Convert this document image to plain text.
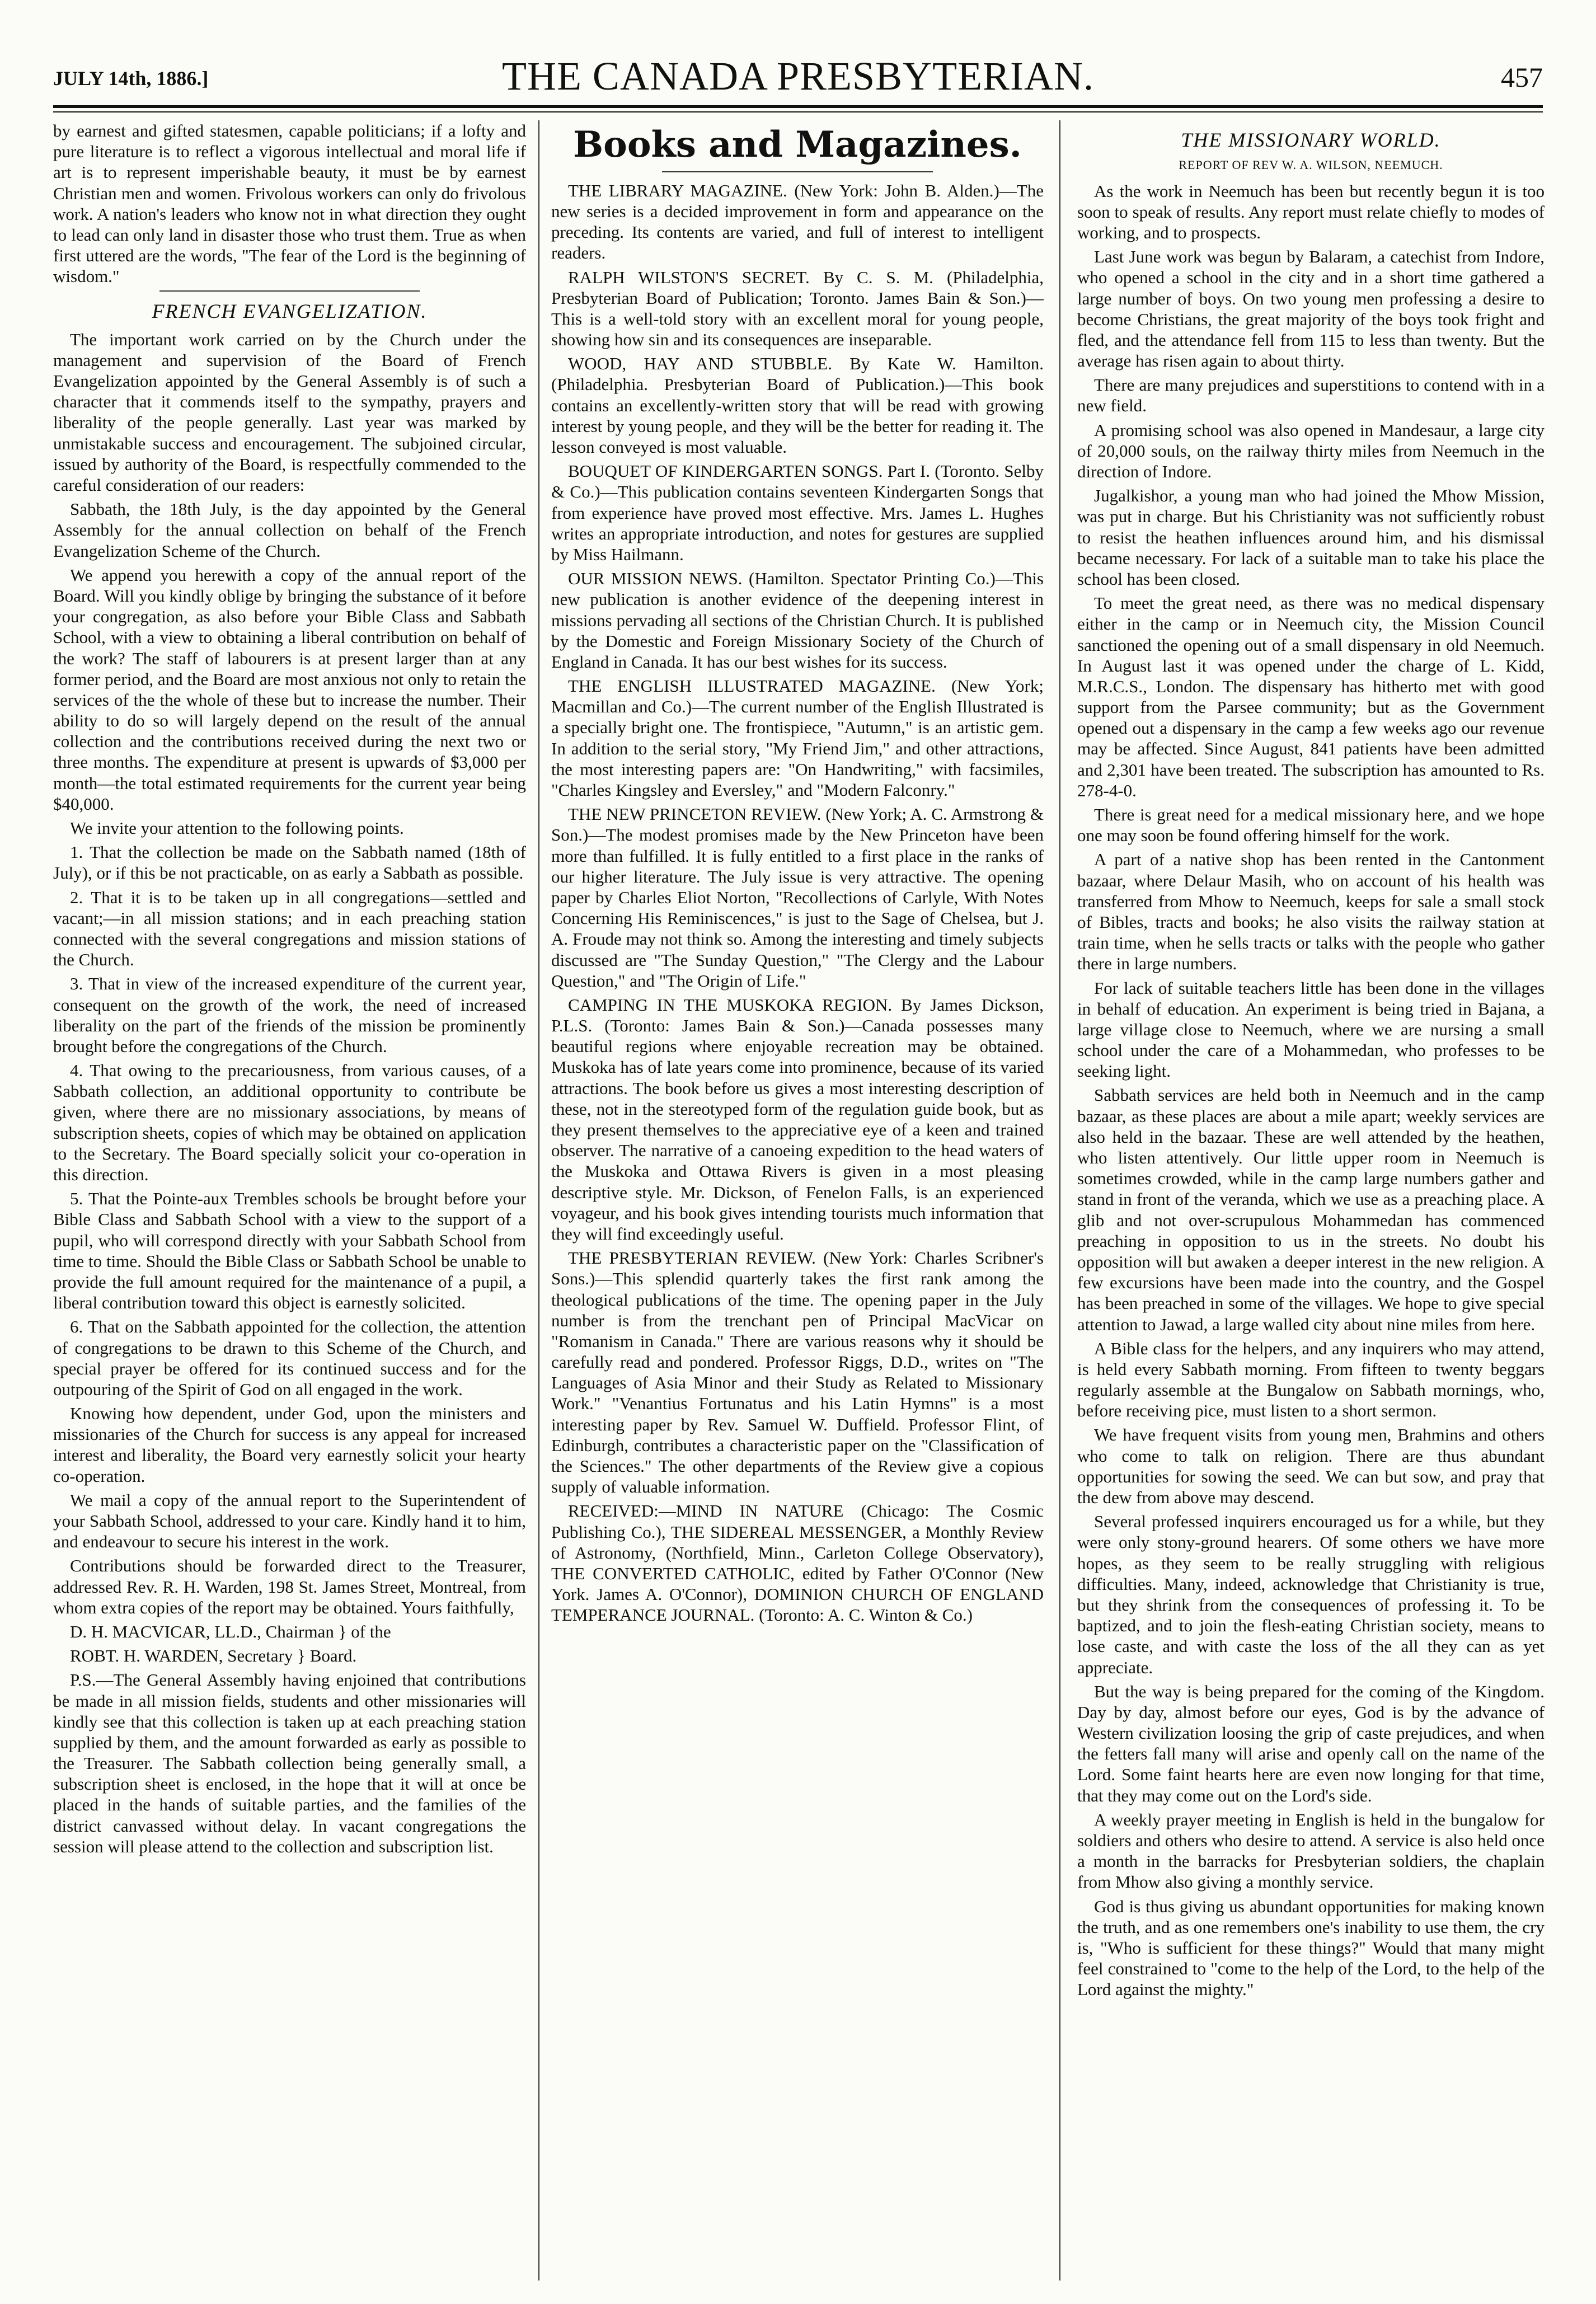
JULY 14th, 1886.]	THE CANADA PRESBYTERIAN.	457

by earnest and gifted statesmen, capable politicians; if a lofty and pure literature is to reflect a vigorous intellectual and moral life if art is to represent imperishable beauty, it must be by earnest Christian men and women. Frivolous workers can only do frivolous work. A nation's leaders who know not in what direction they ought to lead can only land in disaster those who trust them. True as when first uttered are the words, "The fear of the Lord is the beginning of wisdom."

FRENCH EVANGELIZATION.

The important work carried on by the Church under the management and supervision of the Board of French Evangelization appointed by the General Assembly is of such a character that it commends itself to the sympathy, prayers and liberality of the people generally. Last year was marked by unmistakable success and encouragement. The subjoined circular, issued by authority of the Board, is respectfully commended to the careful consideration of our readers:

Sabbath, the 18th July, is the day appointed by the General Assembly for the annual collection on behalf of the French Evangelization Scheme of the Church.

We append you herewith a copy of the annual report of the Board. Will you kindly oblige by bringing the substance of it before your congregation, as also before your Bible Class and Sabbath School, with a view to obtaining a liberal contribution on behalf of the work? The staff of labourers is at present larger than at any former period, and the Board are most anxious not only to retain the services of the the whole of these but to increase the number. Their ability to do so will largely depend on the result of the annual collection and the contributions received during the next two or three months. The expenditure at present is upwards of $3,000 per month—the total estimated requirements for the current year being $40,000.

We invite your attention to the following points.

1. That the collection be made on the Sabbath named (18th of July), or if this be not practicable, on as early a Sabbath as possible.

2. That it is to be taken up in all congregations—settled and vacant;—in all mission stations; and in each preaching station connected with the several congregations and mission stations of the Church.

3. That in view of the increased expenditure of the current year, consequent on the growth of the work, the need of increased liberality on the part of the friends of the mission be prominently brought before the congregations of the Church.

4. That owing to the precariousness, from various causes, of a Sabbath collection, an additional opportunity to contribute be given, where there are no missionary associations, by means of subscription sheets, copies of which may be obtained on application to the Secretary. The Board specially solicit your co-operation in this direction.

5. That the Pointe-aux Trembles schools be brought before your Bible Class and Sabbath School with a view to the support of a pupil, who will correspond directly with your Sabbath School from time to time. Should the Bible Class or Sabbath School be unable to provide the full amount required for the maintenance of a pupil, a liberal contribution toward this object is earnestly solicited.

6. That on the Sabbath appointed for the collection, the attention of congregations to be drawn to this Scheme of the Church, and special prayer be offered for its continued success and for the outpouring of the Spirit of God on all engaged in the work.

Knowing how dependent, under God, upon the ministers and missionaries of the Church for success is any appeal for increased interest and liberality, the Board very earnestly solicit your hearty co-operation.

We mail a copy of the annual report to the Superintendent of your Sabbath School, addressed to your care. Kindly hand it to him, and endeavour to secure his interest in the work.

Contributions should be forwarded direct to the Treasurer, addressed Rev. R. H. Warden, 198 St. James Street, Montreal, from whom extra copies of the report may be obtained. Yours faithfully,

D. H. MACVICAR, LL.D., Chairman } of the

ROBT. H. WARDEN, Secretary } Board.

P.S.—The General Assembly having enjoined that contributions be made in all mission fields, students and other missionaries will kindly see that this collection is taken up at each preaching station supplied by them, and the amount forwarded as early as possible to the Treasurer. The Sabbath collection being generally small, a subscription sheet is enclosed, in the hope that it will at once be placed in the hands of suitable parties, and the families of the district canvassed without delay. In vacant congregations the session will please attend to the collection and subscription list.

Books and Magazines.

THE LIBRARY MAGAZINE. (New York: John B. Alden.)—The new series is a decided improvement in form and appearance on the preceding. Its contents are varied, and full of interest to intelligent readers.

RALPH WILSTON'S SECRET. By C. S. M. (Philadelphia, Presbyterian Board of Publication; Toronto. James Bain & Son.)—This is a well-told story with an excellent moral for young people, showing how sin and its consequences are inseparable.

WOOD, HAY AND STUBBLE. By Kate W. Hamilton. (Philadelphia. Presbyterian Board of Publication.)—This book contains an excellently-written story that will be read with growing interest by young people, and they will be the better for reading it. The lesson conveyed is most valuable.

BOUQUET OF KINDERGARTEN SONGS. Part I. (Toronto. Selby & Co.)—This publication contains seventeen Kindergarten Songs that from experience have proved most effective. Mrs. James L. Hughes writes an appropriate introduction, and notes for gestures are supplied by Miss Hailmann.

OUR MISSION NEWS. (Hamilton. Spectator Printing Co.)—This new publication is another evidence of the deepening interest in missions pervading all sections of the Christian Church. It is published by the Domestic and Foreign Missionary Society of the Church of England in Canada. It has our best wishes for its success.

THE ENGLISH ILLUSTRATED MAGAZINE. (New York; Macmillan and Co.)—The current number of the English Illustrated is a specially bright one. The frontispiece, "Autumn," is an artistic gem. In addition to the serial story, "My Friend Jim," and other attractions, the most interesting papers are: "On Handwriting," with facsimiles, "Charles Kingsley and Eversley," and "Modern Falconry."

THE NEW PRINCETON REVIEW. (New York; A. C. Armstrong & Son.)—The modest promises made by the New Princeton have been more than fulfilled. It is fully entitled to a first place in the ranks of our higher literature. The July issue is very attractive. The opening paper by Charles Eliot Norton, "Recollections of Carlyle, With Notes Concerning His Reminiscences," is just to the Sage of Chelsea, but J. A. Froude may not think so. Among the interesting and timely subjects discussed are "The Sunday Question," "The Clergy and the Labour Question," and "The Origin of Life."

CAMPING IN THE MUSKOKA REGION. By James Dickson, P.L.S. (Toronto: James Bain & Son.)—Canada possesses many beautiful regions where enjoyable recreation may be obtained. Muskoka has of late years come into prominence, because of its varied attractions. The book before us gives a most interesting description of these, not in the stereotyped form of the regulation guide book, but as they present themselves to the appreciative eye of a keen and trained observer. The narrative of a canoeing expedition to the head waters of the Muskoka and Ottawa Rivers is given in a most pleasing descriptive style. Mr. Dickson, of Fenelon Falls, is an experienced voyageur, and his book gives intending tourists much information that they will find exceedingly useful.

THE PRESBYTERIAN REVIEW. (New York: Charles Scribner's Sons.)—This splendid quarterly takes the first rank among the theological publications of the time. The opening paper in the July number is from the trenchant pen of Principal MacVicar on "Romanism in Canada." There are various reasons why it should be carefully read and pondered. Professor Riggs, D.D., writes on "The Languages of Asia Minor and their Study as Related to Missionary Work." "Venantius Fortunatus and his Latin Hymns" is a most interesting paper by Rev. Samuel W. Duffield. Professor Flint, of Edinburgh, contributes a characteristic paper on the "Classification of the Sciences." The other departments of the Review give a copious supply of valuable information.

RECEIVED:—MIND IN NATURE (Chicago: The Cosmic Publishing Co.), THE SIDEREAL MESSENGER, a Monthly Review of Astronomy, (Northfield, Minn., Carleton College Observatory), THE CONVERTED CATHOLIC, edited by Father O'Connor (New York. James A. O'Connor), DOMINION CHURCH OF ENGLAND TEMPERANCE JOURNAL. (Toronto: A. C. Winton & Co.)

THE MISSIONARY WORLD.
REPORT OF REV W. A. WILSON, NEEMUCH.

As the work in Neemuch has been but recently begun it is too soon to speak of results. Any report must relate chiefly to modes of working, and to prospects.

Last June work was begun by Balaram, a catechist from Indore, who opened a school in the city and in a short time gathered a large number of boys. On two young men professing a desire to become Christians, the great majority of the boys took fright and fled, and the attendance fell from 115 to less than twenty. But the average has risen again to about thirty.

There are many prejudices and superstitions to contend with in a new field.

A promising school was also opened in Mandesaur, a large city of 20,000 souls, on the railway thirty miles from Neemuch in the direction of Indore.

Jugalkishor, a young man who had joined the Mhow Mission, was put in charge. But his Christianity was not sufficiently robust to resist the heathen influences around him, and his dismissal became necessary. For lack of a suitable man to take his place the school has been closed.

To meet the great need, as there was no medical dispensary either in the camp or in Neemuch city, the Mission Council sanctioned the opening out of a small dispensary in old Neemuch. In August last it was opened under the charge of L. Kidd, M.R.C.S., London. The dispensary has hitherto met with good support from the Parsee community; but as the Government opened out a dispensary in the camp a few weeks ago our revenue may be affected. Since August, 841 patients have been admitted and 2,301 have been treated. The subscription has amounted to Rs. 278-4-0.

There is great need for a medical missionary here, and we hope one may soon be found offering himself for the work.

A part of a native shop has been rented in the Cantonment bazaar, where Delaur Masih, who on account of his health was transferred from Mhow to Neemuch, keeps for sale a small stock of Bibles, tracts and books; he also visits the railway station at train time, when he sells tracts or talks with the people who gather there in large numbers.

For lack of suitable teachers little has been done in the villages in behalf of education. An experiment is being tried in Bajana, a large village close to Neemuch, where we are nursing a small school under the care of a Mohammedan, who professes to be seeking light.

Sabbath services are held both in Neemuch and in the camp bazaar, as these places are about a mile apart; weekly services are also held in the bazaar. These are well attended by the heathen, who listen attentively. Our little upper room in Neemuch is sometimes crowded, while in the camp large numbers gather and stand in front of the veranda, which we use as a preaching place. A glib and not over-scrupulous Mohammedan has commenced preaching in opposition to us in the streets. No doubt his opposition will but awaken a deeper interest in the new religion. A few excursions have been made into the country, and the Gospel has been preached in some of the villages. We hope to give special attention to Jawad, a large walled city about nine miles from here.

A Bible class for the helpers, and any inquirers who may attend, is held every Sabbath morning. From fifteen to twenty beggars regularly assemble at the Bungalow on Sabbath mornings, who, before receiving pice, must listen to a short sermon.

We have frequent visits from young men, Brahmins and others who come to talk on religion. There are thus abundant opportunities for sowing the seed. We can but sow, and pray that the dew from above may descend.

Several professed inquirers encouraged us for a while, but they were only stony-ground hearers. Of some others we have more hopes, as they seem to be really struggling with religious difficulties. Many, indeed, acknowledge that Christianity is true, but they shrink from the consequences of professing it. To be baptized, and to join the flesh-eating Christian society, means to lose caste, and with caste the loss of the all they can as yet appreciate.

But the way is being prepared for the coming of the Kingdom. Day by day, almost before our eyes, God is by the advance of Western civilization loosing the grip of caste prejudices, and when the fetters fall many will arise and openly call on the name of the Lord. Some faint hearts here are even now longing for that time, that they may come out on the Lord's side.

A weekly prayer meeting in English is held in the bungalow for soldiers and others who desire to attend. A service is also held once a month in the barracks for Presbyterian soldiers, the chaplain from Mhow also giving a monthly service.

God is thus giving us abundant opportunities for making known the truth, and as one remembers one's inability to use them, the cry is, "Who is sufficient for these things?" Would that many might feel constrained to "come to the help of the Lord, to the help of the Lord against the mighty."
